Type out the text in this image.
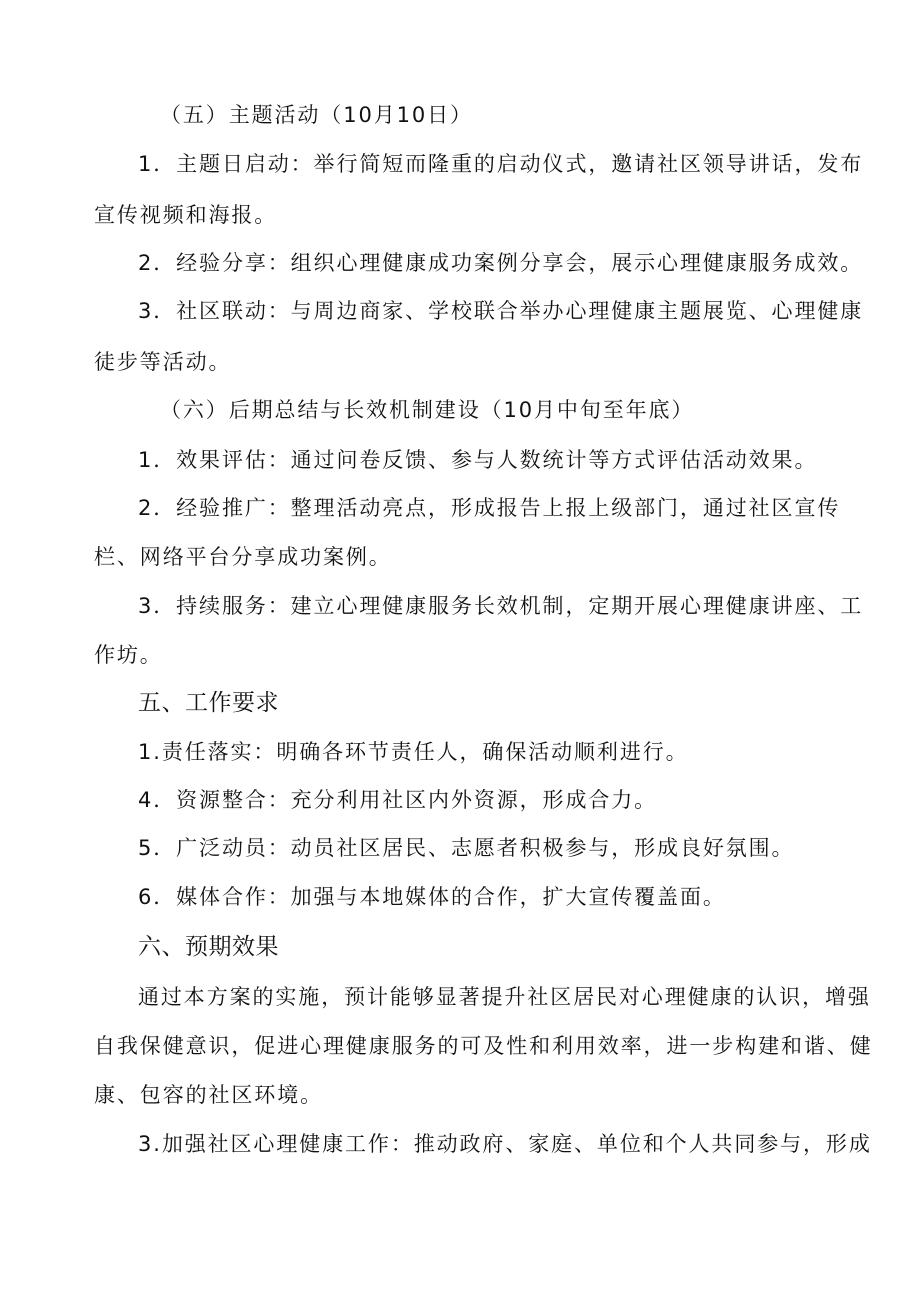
（五）主题活动（10月10日）
1．主题日启动：举行简短而隆重的启动仪式，邀请社区领导讲话，发布
宣传视频和海报。
2．经验分享：组织心理健康成功案例分享会，展示心理健康服务成效。
3．社区联动：与周边商家、学校联合举办心理健康主题展览、心理健康
徒步等活动。
（六）后期总结与长效机制建设（10月中旬至年底）
1．效果评估：通过问卷反馈、参与人数统计等方式评估活动效果。
2．经验推广：整理活动亮点，形成报告上报上级部门，通过社区宣传
栏、网络平台分享成功案例。
3．持续服务：建立心理健康服务长效机制，定期开展心理健康讲座、工
作坊。
五、工作要求
1.责任落实：明确各环节责任人，确保活动顺利进行。
4．资源整合：充分利用社区内外资源，形成合力。
5．广泛动员：动员社区居民、志愿者积极参与，形成良好氛围。
6．媒体合作：加强与本地媒体的合作，扩大宣传覆盖面。
六、预期效果
通过本方案的实施，预计能够显著提升社区居民对心理健康的认识，增强
自我保健意识，促进心理健康服务的可及性和利用效率，进一步构建和谐、健
康、包容的社区环境。
3.加强社区心理健康工作：推动政府、家庭、单位和个人共同参与，形成
